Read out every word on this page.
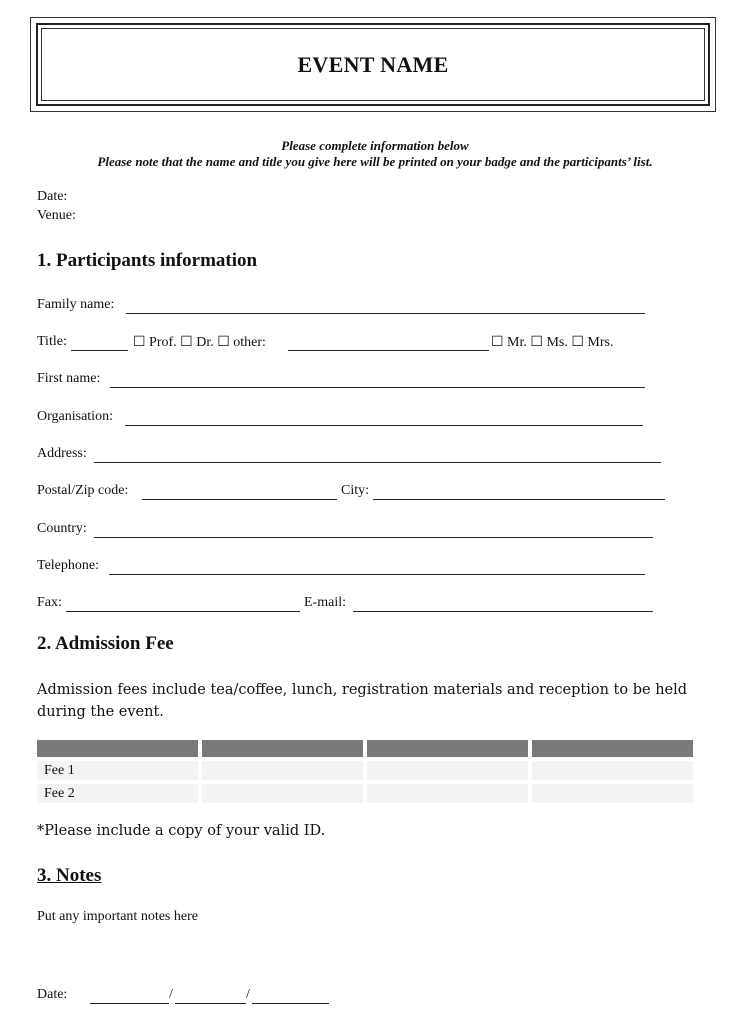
EVENT NAME
Please complete information below
Please note that the name and title you give here will be printed on your badge and the participants’ list.
Date:
Venue:
1. Participants information
Family name:
Title:	☐ Prof. ☐ Dr. ☐ other:	☐ Mr. ☐ Ms. ☐ Mrs.
First name:
Organisation:
Address:
Postal/Zip code:	City:
Country:
Telephone:
Fax:	E-mail:
2. Admission Fee
Admission fees include tea/coffee, lunch, registration materials and reception to be held during the event.
Fee 1
Fee 2
*Please include a copy of your valid ID.
3. Notes
Put any important notes here
Date:	/	/
